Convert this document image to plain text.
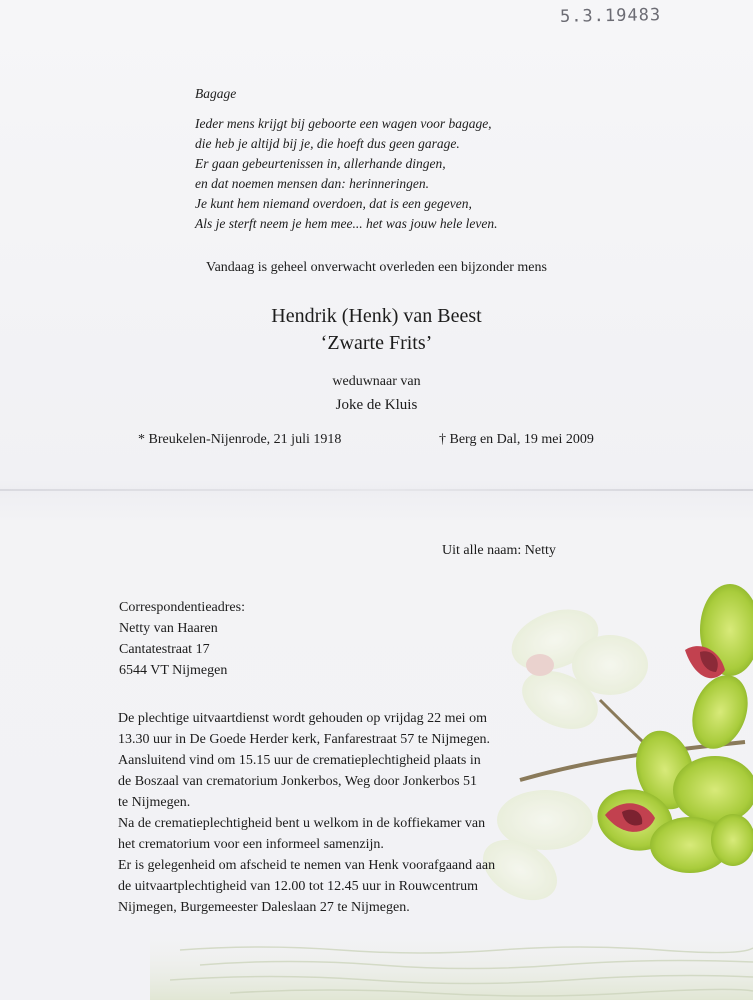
5.3.19483
Bagage
Ieder mens krijgt bij geboorte een wagen voor bagage,
die heb je altijd bij je, die hoeft dus geen garage.
Er gaan gebeurtenissen in, allerhande dingen,
en dat noemen mensen dan: herinneringen.
Je kunt hem niemand overdoen, dat is een gegeven,
Als je sterft neem je hem mee... het was jouw hele leven.
Vandaag is geheel onverwacht overleden een bijzonder mens
Hendrik (Henk) van Beest
‘Zwarte Frits’
weduwnaar van
Joke de Kluis
* Breukelen-Nijenrode, 21 juli 1918	† Berg en Dal, 19 mei 2009
Uit alle naam: Netty
Correspondentieadres:
Netty van Haaren
Cantatestraat 17
6544 VT Nijmegen
De plechtige uitvaartdienst wordt gehouden op vrijdag 22 mei om
13.30 uur in De Goede Herder kerk, Fanfarestraat 57 te Nijmegen.
Aansluitend vind om 15.15 uur de crematieplechtigheid plaats in
de Boszaal van crematorium Jonkerbos, Weg door Jonkerbos 51
te Nijmegen.
Na de crematieplechtigheid bent u welkom in de koffiekamer van
het crematorium voor een informeel samenzijn.
Er is gelegenheid om afscheid te nemen van Henk voorafgaand aan
de uitvaartplechtigheid van 12.00 tot 12.45 uur in Rouwcentrum
Nijmegen, Burgemeester Daleslaan 27 te Nijmegen.
